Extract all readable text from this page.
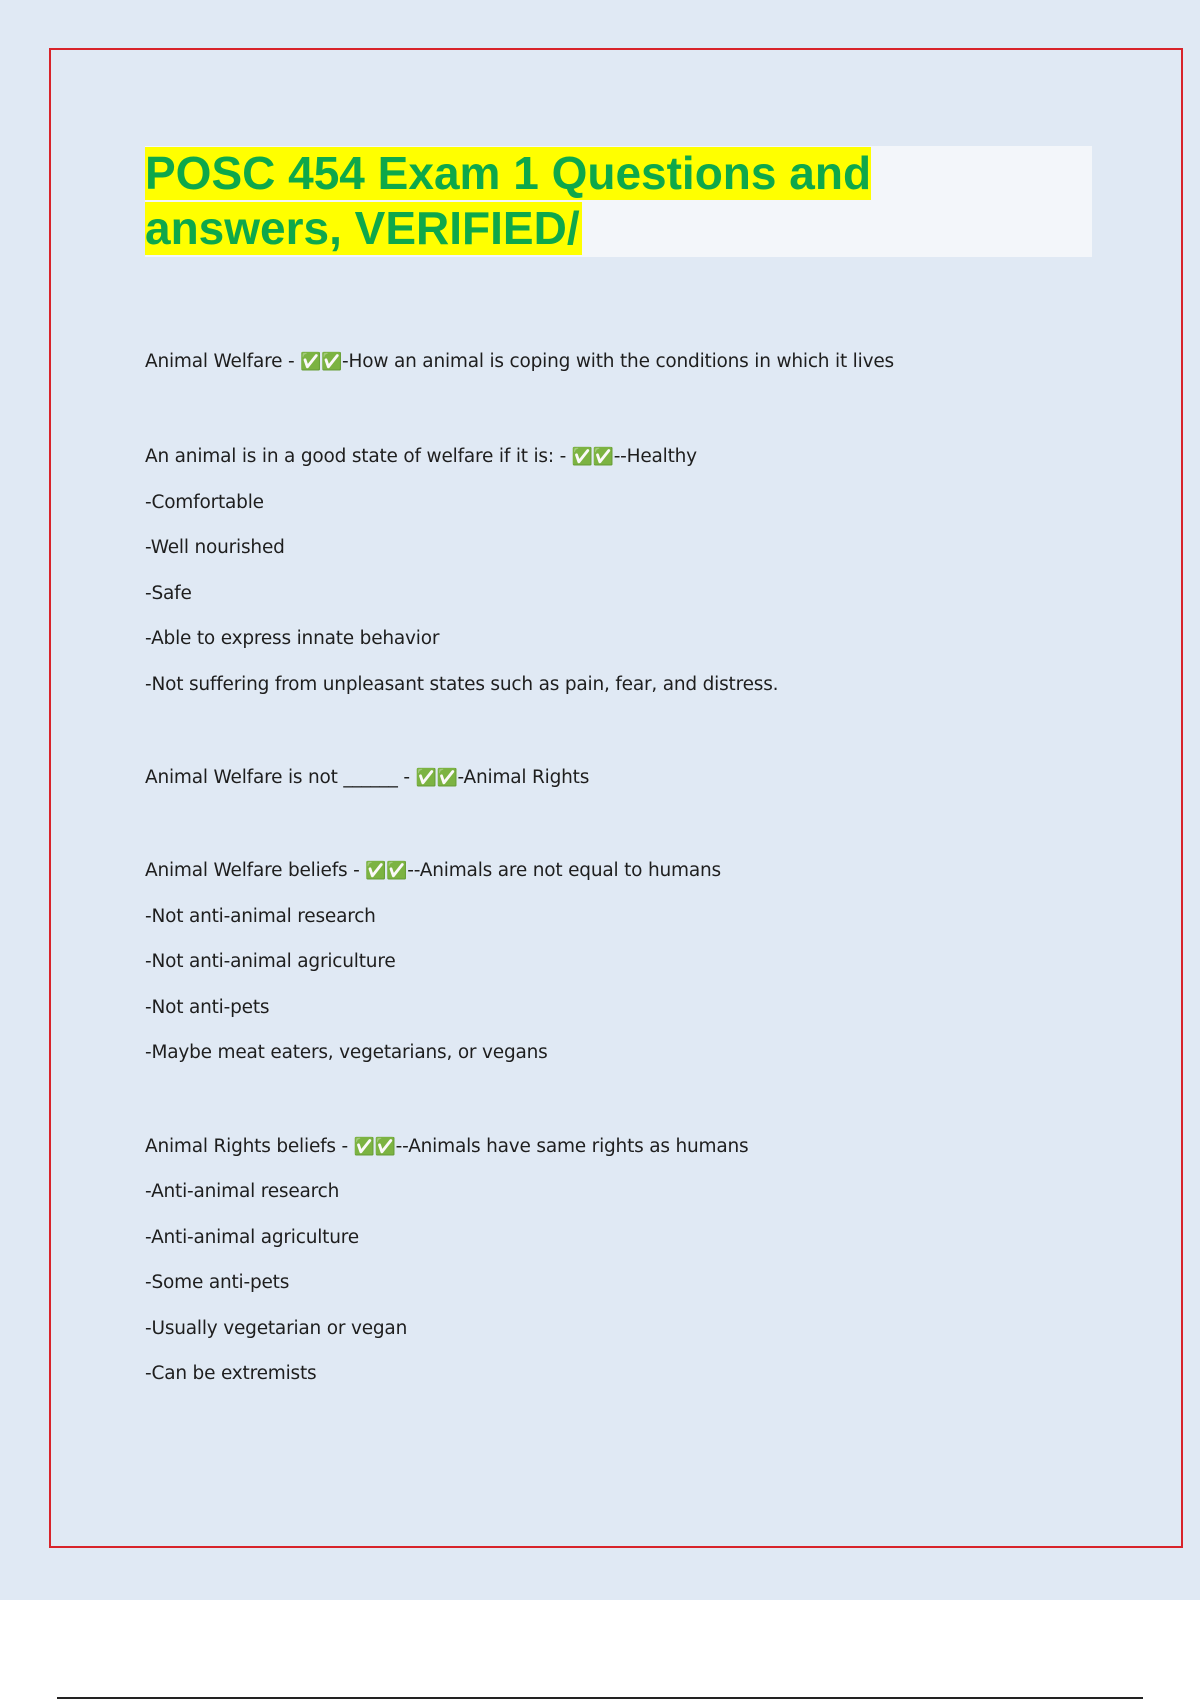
POSC 454 Exam 1 Questions and answers, VERIFIED/
Animal Welfare - ✅✅-How an animal is coping with the conditions in which it lives
An animal is in a good state of welfare if it is: - ✅✅--Healthy
-Comfortable
-Well nourished
-Safe
-Able to express innate behavior
-Not suffering from unpleasant states such as pain, fear, and distress.
Animal Welfare is not ______ - ✅✅-Animal Rights
Animal Welfare beliefs - ✅✅--Animals are not equal to humans
-Not anti-animal research
-Not anti-animal agriculture
-Not anti-pets
-Maybe meat eaters, vegetarians, or vegans
Animal Rights beliefs - ✅✅--Animals have same rights as humans
-Anti-animal research
-Anti-animal agriculture
-Some anti-pets
-Usually vegetarian or vegan
-Can be extremists
